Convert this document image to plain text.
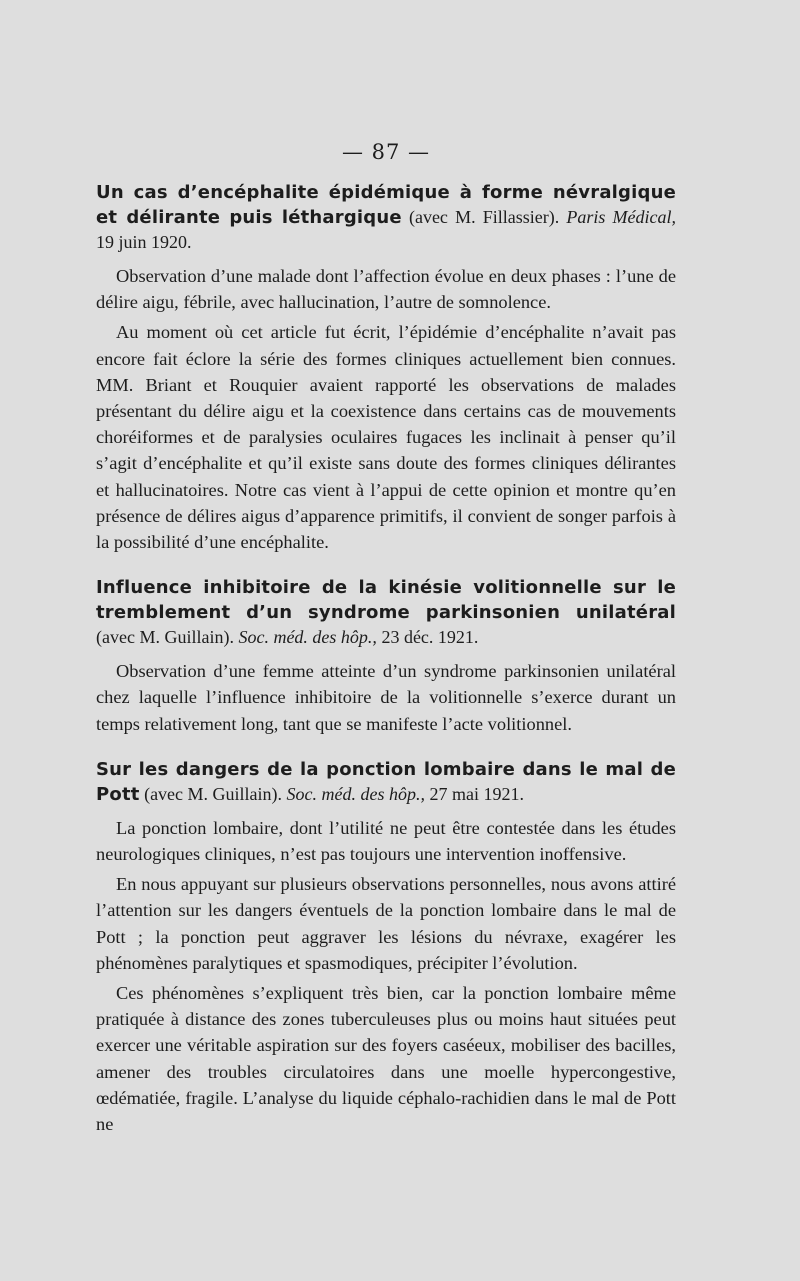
— 87 —
Un cas d’encéphalite épidémique à forme névralgique et délirante puis léthargique (avec M. Fillassier). Paris Médical, 19 juin 1920.

Observation d’une malade dont l’affection évolue en deux phases : l’une de délire aigu, fébrile, avec hallucination, l’autre de somnolence.

Au moment où cet article fut écrit, l’épidémie d’encéphalite n’avait pas encore fait éclore la série des formes cliniques actuellement bien connues. MM. Briant et Rouquier avaient rapporté les observations de malades présentant du délire aigu et la coexistence dans certains cas de mouvements choréiformes et de paralysies oculaires fugaces les inclinait à penser qu’il s’agit d’encéphalite et qu’il existe sans doute des formes cliniques délirantes et hallucinatoires. Notre cas vient à l’appui de cette opinion et montre qu’en présence de délires aigus d’apparence primitifs, il convient de songer parfois à la possibilité d’une encéphalite.

Influence inhibitoire de la kinésie volitionnelle sur le tremblement d’un syndrome parkinsonien unilatéral (avec M. Guillain). Soc. méd. des hôp., 23 déc. 1921.

Observation d’une femme atteinte d’un syndrome parkinsonien unilatéral chez laquelle l’influence inhibitoire de la volitionnelle s’exerce durant un temps relativement long, tant que se manifeste l’acte volitionnel.

Sur les dangers de la ponction lombaire dans le mal de Pott (avec M. Guillain). Soc. méd. des hôp., 27 mai 1921.

La ponction lombaire, dont l’utilité ne peut être contestée dans les études neurologiques cliniques, n’est pas toujours une intervention inoffensive.

En nous appuyant sur plusieurs observations personnelles, nous avons attiré l’attention sur les dangers éventuels de la ponction lombaire dans le mal de Pott ; la ponction peut aggraver les lésions du névraxe, exagérer les phénomènes paralytiques et spasmodiques, précipiter l’évolution.

Ces phénomènes s’expliquent très bien, car la ponction lombaire même pratiquée à distance des zones tuberculeuses plus ou moins haut situées peut exercer une véritable aspiration sur des foyers caséeux, mobiliser des bacilles, amener des troubles circulatoires dans une moelle hypercongestive, œdématiée, fragile. L’analyse du liquide céphalo-rachidien dans le mal de Pott ne
